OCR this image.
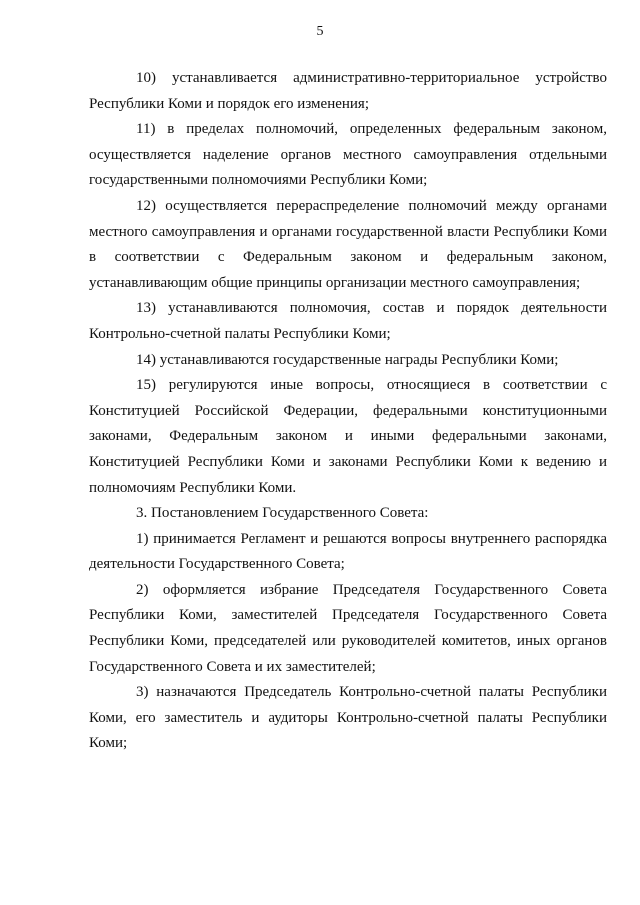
5

10) устанавливается административно-территориальное устройство Республики Коми и порядок его изменения;

11) в пределах полномочий, определенных федеральным законом, осуществляется наделение органов местного самоуправления отдельными государственными полномочиями Республики Коми;

12) осуществляется перераспределение полномочий между органами местного самоуправления и органами государственной власти Республики Коми в соответствии с Федеральным законом и федеральным законом, устанавливающим общие принципы организации местного самоуправления;

13) устанавливаются полномочия, состав и порядок деятельности Контрольно-счетной палаты Республики Коми;

14) устанавливаются государственные награды Республики Коми;

15) регулируются иные вопросы, относящиеся в соответствии с Конституцией Российской Федерации, федеральными конституционными законами, Федеральным законом и иными федеральными законами, Конституцией Республики Коми и законами Республики Коми к ведению и полномочиям Республики Коми.

3. Постановлением Государственного Совета:

1) принимается Регламент и решаются вопросы внутреннего распорядка деятельности Государственного Совета;

2) оформляется избрание Председателя Государственного Совета Республики Коми, заместителей Председателя Государственного Совета Республики Коми, председателей или руководителей комитетов, иных органов Государственного Совета и их заместителей;

3) назначаются Председатель Контрольно-счетной палаты Республики Коми, его заместитель и аудиторы Контрольно-счетной палаты Республики Коми;
